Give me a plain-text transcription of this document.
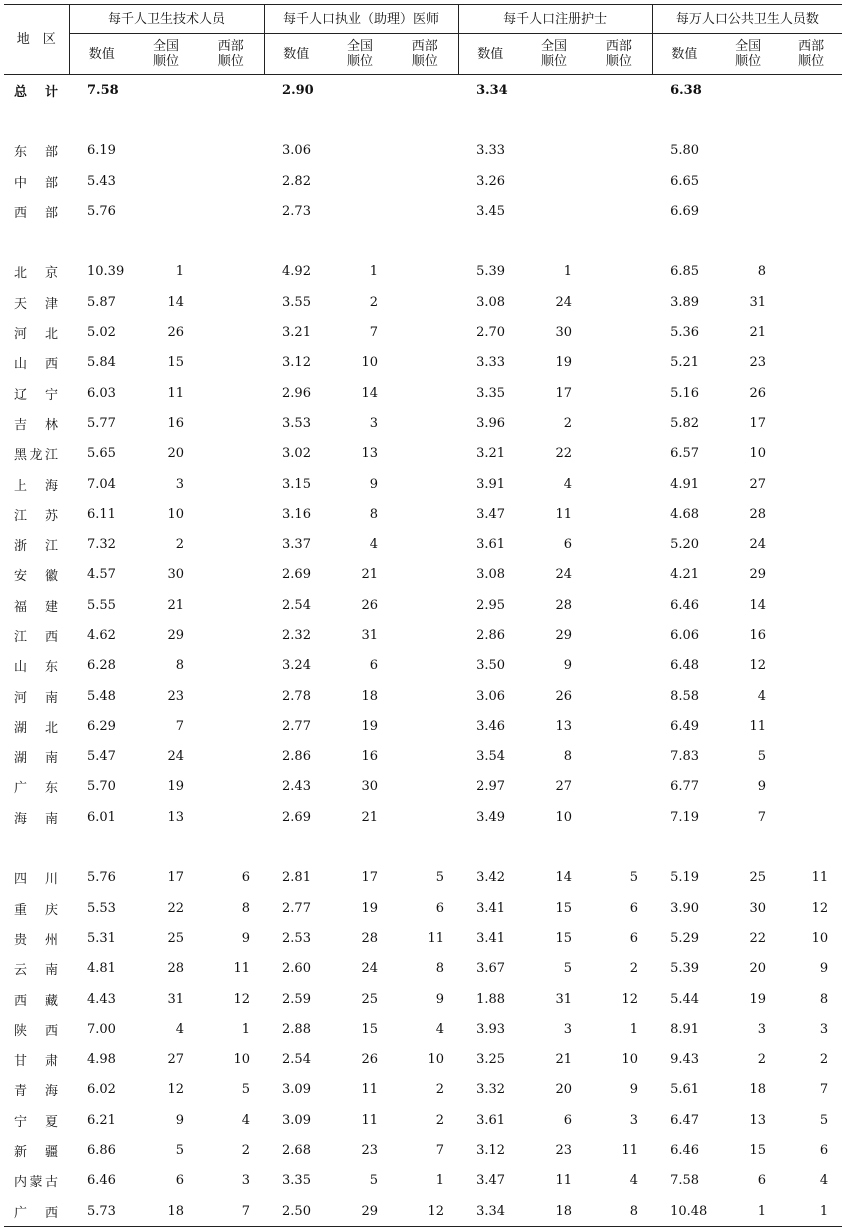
地　区	每千人卫生技术人员			每千人口执业（助理）医师			每千人口注册护士			每万人口公共卫生人员数		
	数值	全国顺位	西部顺位	数值	全国顺位	西部顺位	数值	全国顺位	西部顺位	数值	全国顺位	西部顺位
总　计	7.58			2.90			3.34			6.38		

东　部	6.19			3.06			3.33			5.80		
中　部	5.43			2.82			3.26			6.65		
西　部	5.76			2.73			3.45			6.69		

北　京	10.39	1		4.92	1		5.39	1		6.85	8	
天　津	5.87	14		3.55	2		3.08	24		3.89	31	
河　北	5.02	26		3.21	7		2.70	30		5.36	21	
山　西	5.84	15		3.12	10		3.33	19		5.21	23	
辽　宁	6.03	11		2.96	14		3.35	17		5.16	26	
吉　林	5.77	16		3.53	3		3.96	2		5.82	17	
黑龙江	5.65	20		3.02	13		3.21	22		6.57	10	
上　海	7.04	3		3.15	9		3.91	4		4.91	27	
江　苏	6.11	10		3.16	8		3.47	11		4.68	28	
浙　江	7.32	2		3.37	4		3.61	6		5.20	24	
安　徽	4.57	30		2.69	21		3.08	24		4.21	29	
福　建	5.55	21		2.54	26		2.95	28		6.46	14	
江　西	4.62	29		2.32	31		2.86	29		6.06	16	
山　东	6.28	8		3.24	6		3.50	9		6.48	12	
河　南	5.48	23		2.78	18		3.06	26		8.58	4	
湖　北	6.29	7		2.77	19		3.46	13		6.49	11	
湖　南	5.47	24		2.86	16		3.54	8		7.83	5	
广　东	5.70	19		2.43	30		2.97	27		6.77	9	
海　南	6.01	13		2.69	21		3.49	10		7.19	7	

四　川	5.76	17	6	2.81	17	5	3.42	14	5	5.19	25	11
重　庆	5.53	22	8	2.77	19	6	3.41	15	6	3.90	30	12
贵　州	5.31	25	9	2.53	28	11	3.41	15	6	5.29	22	10
云　南	4.81	28	11	2.60	24	8	3.67	5	2	5.39	20	9
西　藏	4.43	31	12	2.59	25	9	1.88	31	12	5.44	19	8
陕　西	7.00	4	1	2.88	15	4	3.93	3	1	8.91	3	3
甘　肃	4.98	27	10	2.54	26	10	3.25	21	10	9.43	2	2
青　海	6.02	12	5	3.09	11	2	3.32	20	9	5.61	18	7
宁　夏	6.21	9	4	3.09	11	2	3.61	6	3	6.47	13	5
新　疆	6.86	5	2	2.68	23	7	3.12	23	11	6.46	15	6
内蒙古	6.46	6	3	3.35	5	1	3.47	11	4	7.58	6	4
广　西	5.73	18	7	2.50	29	12	3.34	18	8	10.48	1	1
